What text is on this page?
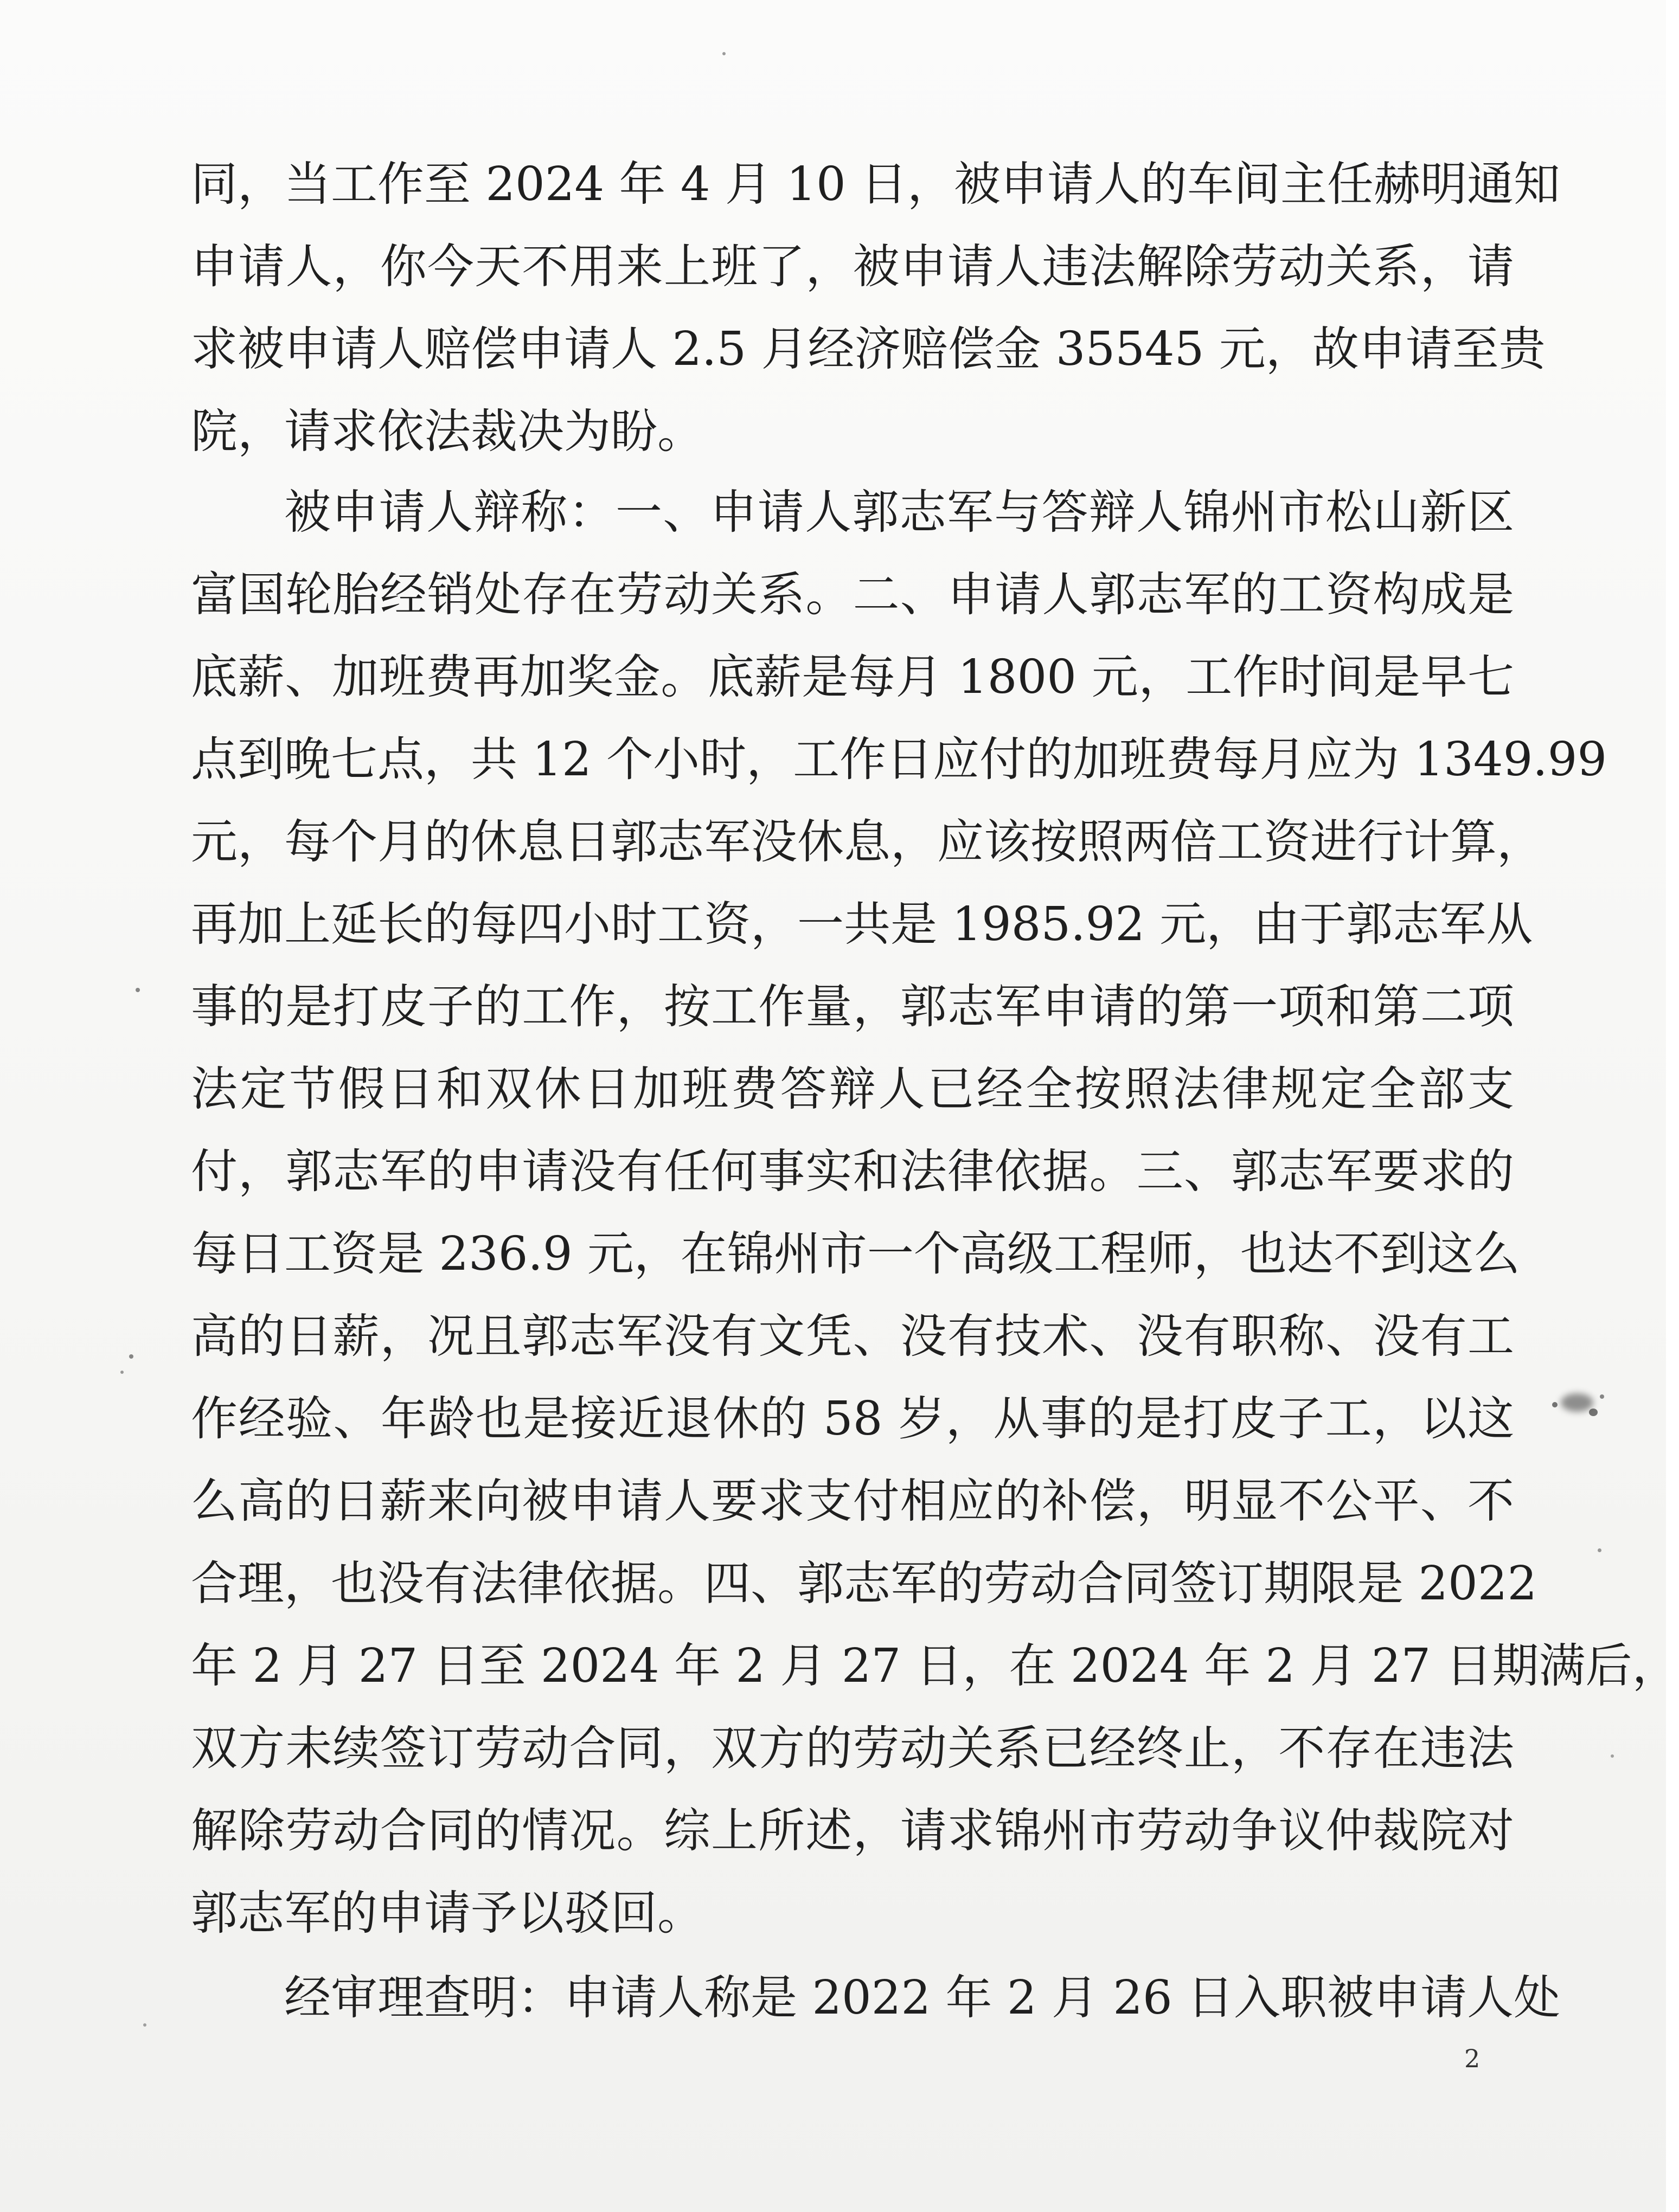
同，当工作至 2024 年 4 月 10 日，被申请人的车间主任赫明通知
申请人，你今天不用来上班了，被申请人违法解除劳动关系，请
求被申请人赔偿申请人 2.5 月经济赔偿金 35545 元，故申请至贵
院，请求依法裁决为盼。
被申请人辩称：一、申请人郭志军与答辩人锦州市松山新区
富国轮胎经销处存在劳动关系。二、申请人郭志军的工资构成是
底薪、加班费再加奖金。底薪是每月 1800 元，工作时间是早七
点到晚七点，共 12 个小时，工作日应付的加班费每月应为 1349.99
元，每个月的休息日郭志军没休息，应该按照两倍工资进行计算，
再加上延长的每四小时工资，一共是 1985.92 元，由于郭志军从
事的是打皮子的工作，按工作量，郭志军申请的第一项和第二项
法定节假日和双休日加班费答辩人已经全按照法律规定全部支
付，郭志军的申请没有任何事实和法律依据。三、郭志军要求的
每日工资是 236.9 元，在锦州市一个高级工程师，也达不到这么
高的日薪，况且郭志军没有文凭、没有技术、没有职称、没有工
作经验、年龄也是接近退休的 58 岁，从事的是打皮子工，以这
么高的日薪来向被申请人要求支付相应的补偿，明显不公平、不
合理，也没有法律依据。四、郭志军的劳动合同签订期限是 2022
年 2 月 27 日至 2024 年 2 月 27 日，在 2024 年 2 月 27 日期满后，
双方未续签订劳动合同，双方的劳动关系已经终止，不存在违法
解除劳动合同的情况。综上所述，请求锦州市劳动争议仲裁院对
郭志军的申请予以驳回。
经审理查明：申请人称是 2022 年 2 月 26 日入职被申请人处
2
